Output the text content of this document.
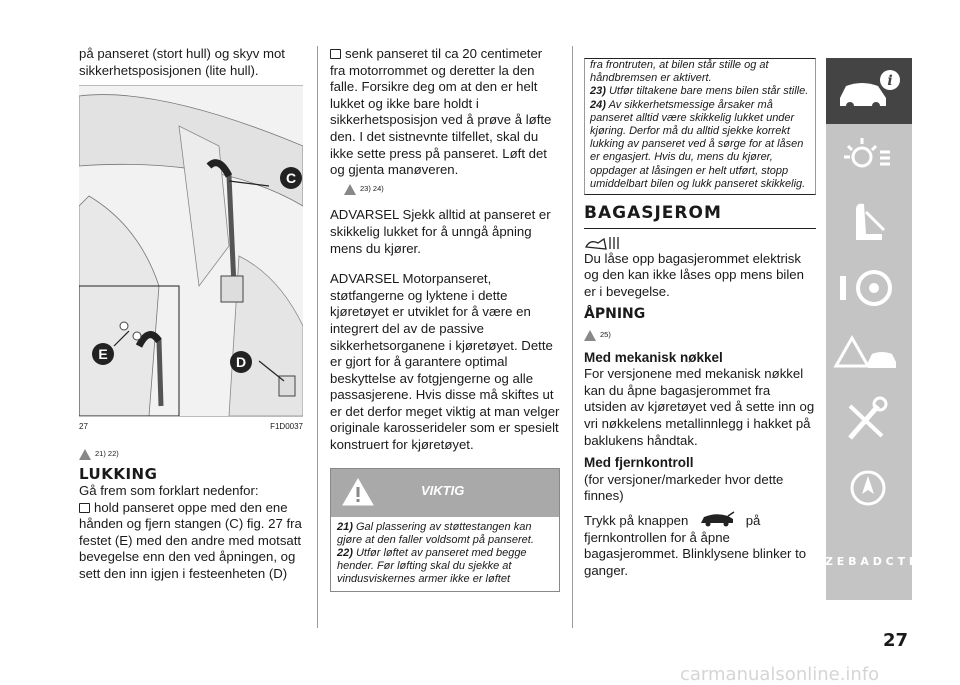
på panseret (stort hull) og skyv mot sikkerhetsposisjonen (lite hull).

C
E	D
27	F1D0037
21) 22)
LUKKING

Gå frem som forklart nedenfor:

hold panseret oppe med den ene hånden og fjern stangen (C) fig. 27 fra festet (E) med den andre med motsatt bevegelse enn den ved åpningen, og sett den inn igjen i festeenheten (D)

senk panseret til ca 20 centimeter fra motorrommet og deretter la den falle. Forsikre deg om at den er helt lukket og ikke bare holdt i sikkerhetsposisjon ved å prøve å løfte den. I det sistnevnte tilfellet, skal du ikke sette press på panseret. Løft det og gjenta manøveren.

23) 24)

ADVARSEL Sjekk alltid at panseret er skikkelig lukket for å unngå åpning mens du kjører.

ADVARSEL Motorpanseret, støtfangerne og lyktene i dette kjøretøyet er utviklet for å være en integrert del av de passive sikkerhetsorganene i kjøretøyet. Dette er gjort for å garantere optimal beskyttelse av fotgjengerne og alle passasjerene. Hvis disse må skiftes ut er det derfor meget viktig at man velger originale karosserideler som er spesielt konstruert for kjøretøyet.

VIKTIG

21) Gal plassering av støttestangen kan gjøre at den faller voldsomt på panseret.

22) Utfør løftet av panseret med begge hender. Før løfting skal du sjekke at vindusviskernes armer ikke er løftet

fra frontruten, at bilen står stille og at håndbremsen er aktivert.

23) Utfør tiltakene bare mens bilen står stille.

24) Av sikkerhetsmessige årsaker må panseret alltid være skikkelig lukket under kjøring. Derfor må du alltid sjekke korrekt lukking av panseret ved å sørge for at låsen er engasjert. Hvis du, mens du kjører, oppdager at låsingen er helt utført, stopp umiddelbart bilen og lukk panseret skikkelig.

BAGASJEROM

Du låse opp bagasjerommet elektrisk og den kan ikke låses opp mens bilen er i bevegelse.

ÅPNING
25)
Med mekanisk nøkkel

For versjonene med mekanisk nøkkel kan du åpne bagasjerommet fra utsiden av kjøretøyet ved å sette inn og vri nøkkelens metallinnlegg i hakket på baklukens håndtak.

Med fjernkontroll

(for versjoner/markeder hvor dette finnes)

Trykk på knappen	på fjernkontrollen for å åpne bagasjerommet. Blinklysene blinker to ganger.

i
Z E B A D C T I
27
carmanualsonline.info
